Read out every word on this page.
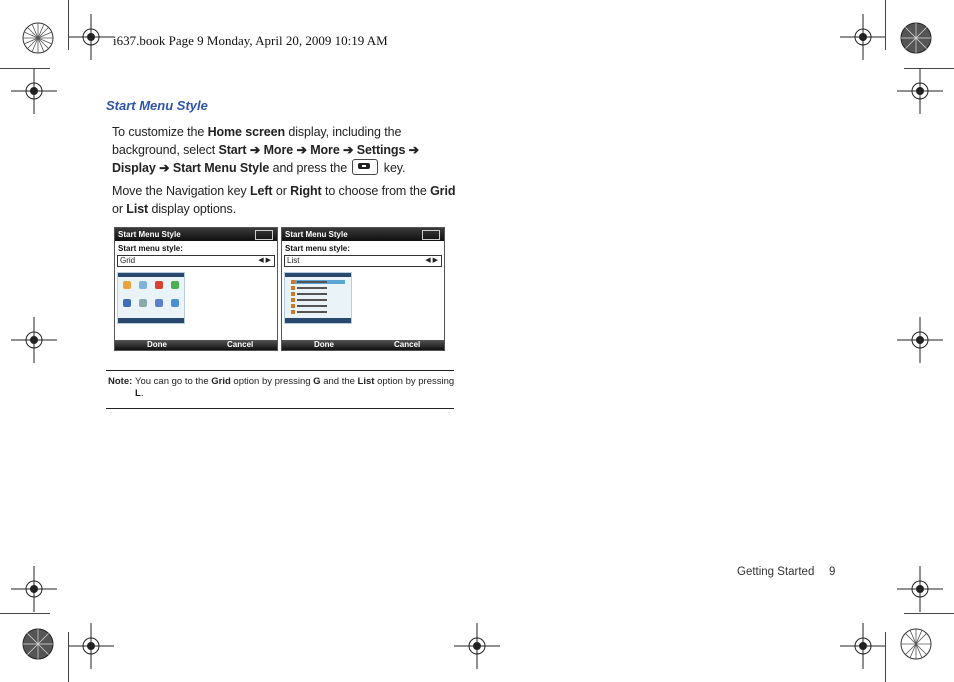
i637.book Page 9 Monday, April 20, 2009 10:19 AM
Start Menu Style
To customize the Home screen display, including the background, select Start ➔ More ➔ More ➔ Settings ➔ Display ➔ Start Menu Style and press the
key.
Move the Navigation key Left or Right to choose from the Grid or List display options.
Start Menu Style
Start menu style:
Grid	◀ ▶
Done	Cancel
Start Menu Style
Start menu style:
List	◀ ▶
Done	Cancel
Note: You can go to the Grid option by pressing G and the List option by pressing L.
Getting Started 9
